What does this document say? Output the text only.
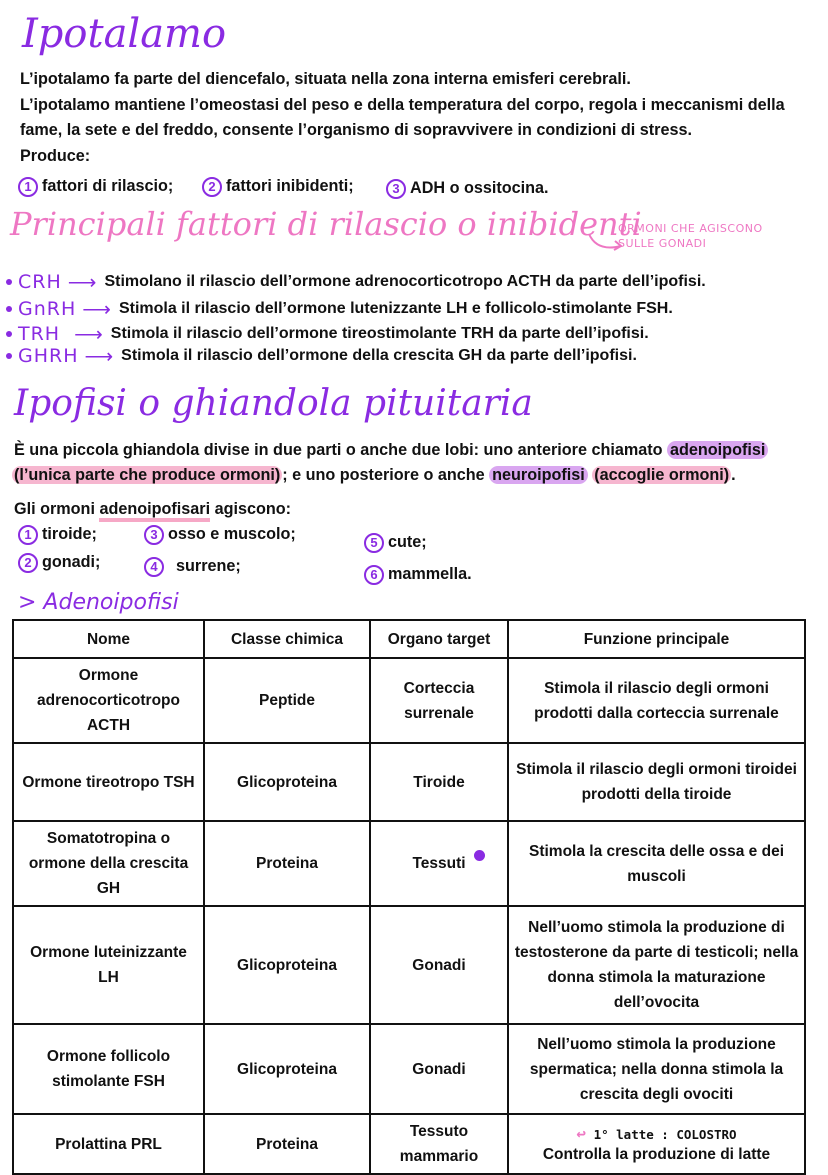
Ipotalamo
L’ipotalamo fa parte del diencefalo, situata nella zona interna emisferi cerebrali.
L’ipotalamo mantiene l’omeostasi del peso e della temperatura del corpo, regola i meccanismi della
fame, la sete e del freddo, consente l’organismo di sopravvivere in condizioni di stress.
Produce:
1 fattori di rilascio;	2 fattori inibidenti;	3 ADH o ossitocina.
Principali fattori di rilascio o inibidenti
ORMONI CHE AGISCONO
SULLE GONADI
CRH ⟶ Stimolano il rilascio dell’ormone adrenocorticotropo ACTH da parte dell’ipofisi.
GnRH ⟶ Stimola il rilascio dell’ormone lutenizzante LH e follicolo-stimolante FSH.
TRH ⟶ Stimola il rilascio dell’ormone tireostimolante TRH da parte dell’ipofisi.
GHRH ⟶ Stimola il rilascio dell’ormone della crescita GH da parte dell’ipofisi.
Ipofisi o ghiandola pituitaria
È una piccola ghiandola divise in due parti o anche due lobi: uno anteriore chiamato adenoipofisi
(l’unica parte che produce ormoni) ; e uno posteriore o anche neuroipofisi (accoglie ormoni) .
Gli ormoni adenoipofisari agiscono:
1 tiroide;
2 gonadi;
3 osso e muscolo;
4 surrene;
5 cute;
6 mammella.
> Adenoipofisi
Nome	Classe chimica	Organo target	Funzione principale
Ormone adrenocorticotropo ACTH	Peptide	Corteccia surrenale	Stimola il rilascio degli ormoni prodotti dalla corteccia surrenale
Ormone tireotropo TSH	Glicoproteina	Tiroide	Stimola il rilascio degli ormoni tiroidei prodotti della tiroide
Somatotropina o ormone della crescita GH	Proteina	Tessuti	Stimola la crescita delle ossa e dei muscoli
Ormone luteinizzante LH	Glicoproteina	Gonadi	Nell’uomo stimola la produzione di testosterone da parte di testicoli; nella donna stimola la maturazione dell’ovocita
Ormone follicolo stimolante FSH	Glicoproteina	Gonadi	Nell’uomo stimola la produzione spermatica; nella donna stimola la crescita degli ovociti
Prolattina PRL	Proteina	Tessuto mammario	↩ 1° latte : COLOSTRO
Controlla la produzione di latte
